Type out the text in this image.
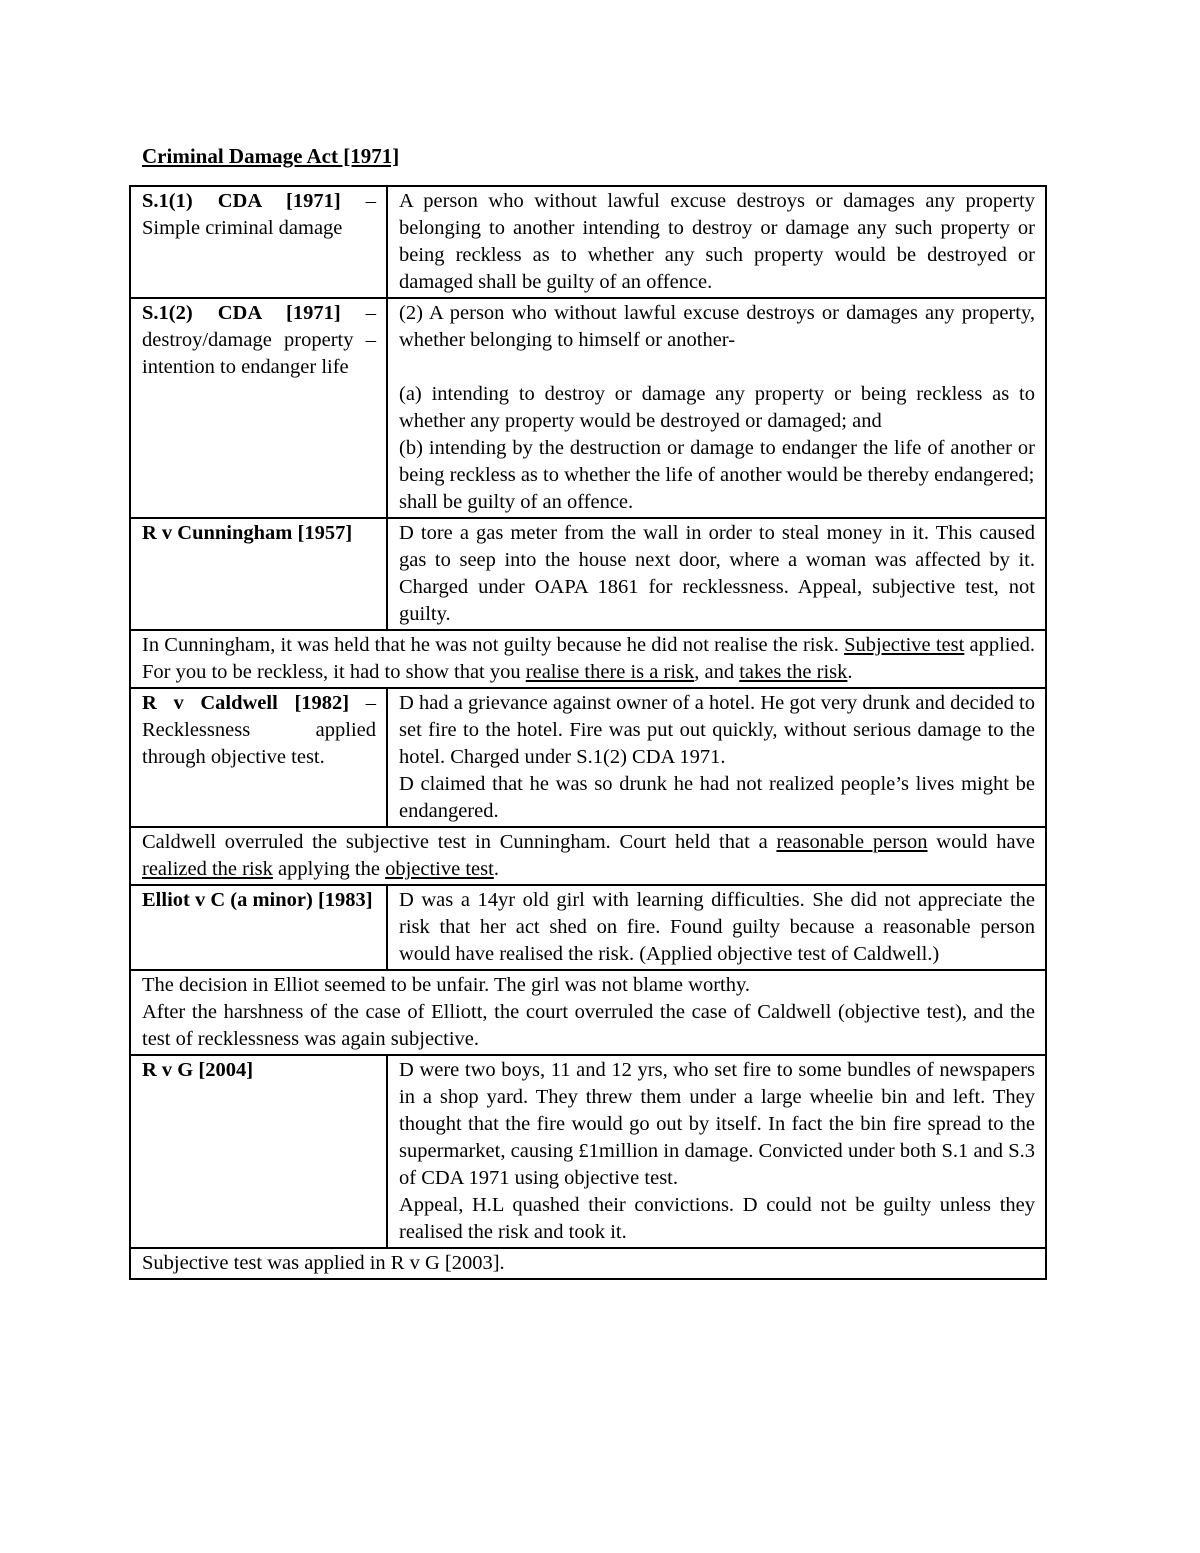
Criminal Damage Act [1971]
S.1(1) CDA [1971] – Simple criminal damage	A person who without lawful excuse destroys or damages any property belonging to another intending to destroy or damage any such property or being reckless as to whether any such property would be destroyed or damaged shall be guilty of an offence.
S.1(2) CDA [1971] – destroy/damage property – intention to endanger life	(2) A person who without lawful excuse destroys or damages any property, whether belonging to himself or another-
(a) intending to destroy or damage any property or being reckless as to whether any property would be destroyed or damaged; and
(b) intending by the destruction or damage to endanger the life of another or being reckless as to whether the life of another would be thereby endangered;
shall be guilty of an offence.

R v Cunningham [1957]	D tore a gas meter from the wall in order to steal money in it. This caused gas to seep into the house next door, where a woman was affected by it. Charged under OAPA 1861 for recklessness. Appeal, subjective test, not guilty.
In Cunningham, it was held that he was not guilty because he did not realise the risk. Subjective test applied. For you to be reckless, it had to show that you realise there is a risk, and takes the risk.	
R v Caldwell [1982] – Recklessness applied through objective test.	D had a grievance against owner of a hotel. He got very drunk and decided to set fire to the hotel. Fire was put out quickly, without serious damage to the hotel. Charged under S.1(2) CDA 1971.
D claimed that he was so drunk he had not realized people’s lives might be endangered.

Caldwell overruled the subjective test in Cunningham. Court held that a reasonable person would have realized the risk applying the objective test.	
Elliot v C (a minor) [1983]	D was a 14yr old girl with learning difficulties. She did not appreciate the risk that her act shed on fire. Found guilty because a reasonable person would have realised the risk. (Applied objective test of Caldwell.)

The decision in Elliot seemed to be unfair. The girl was not blame worthy.
After the harshness of the case of Elliott, the court overruled the case of Caldwell (objective test), and the test of recklessness was again subjective.	

R v G [2004]	D were two boys, 11 and 12 yrs, who set fire to some bundles of newspapers in a shop yard. They threw them under a large wheelie bin and left. They thought that the fire would go out by itself. In fact the bin fire spread to the supermarket, causing £1million in damage. Convicted under both S.1 and S.3 of CDA 1971 using objective test.
Appeal, H.L quashed their convictions. D could not be guilty unless they realised the risk and took it.

Subjective test was applied in R v G [2003].	
